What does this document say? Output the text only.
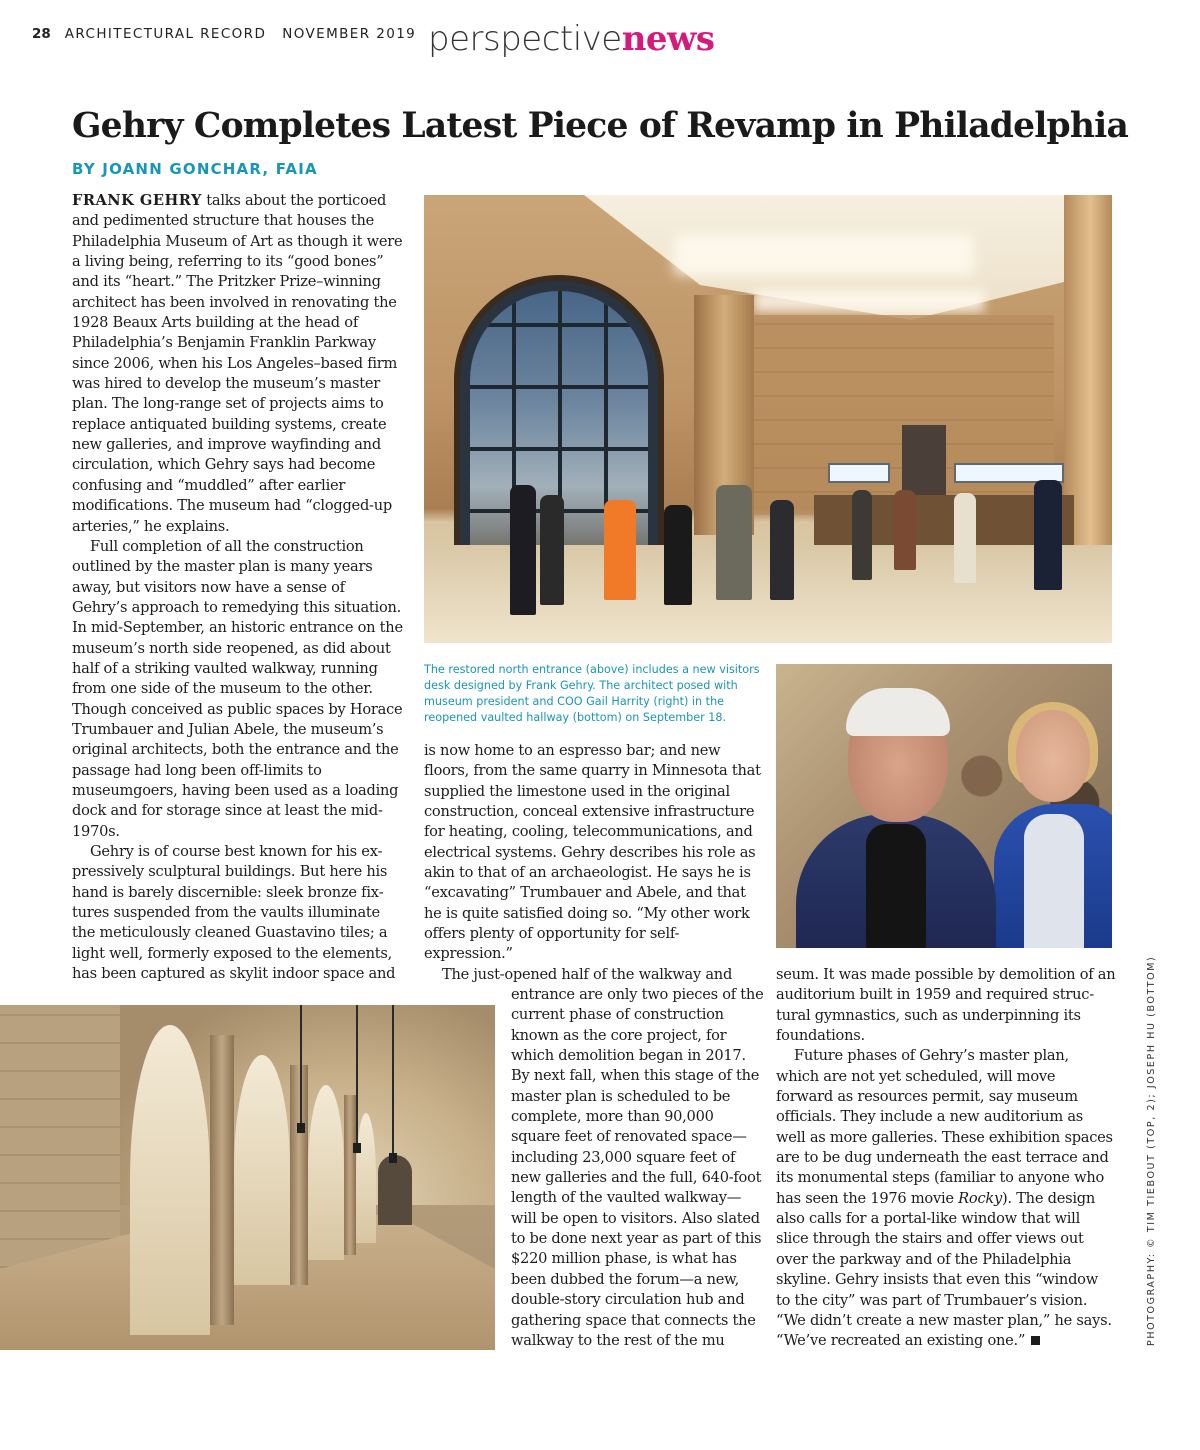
28 ARCHITECTURAL RECORD NOVEMBER 2019 perspectivenews
Gehry Completes Latest Piece of Revamp in Philadelphia
BY JOANN GONCHAR, FAIA

FRANK GEHRY talks about the porticoed and pedimented structure that houses the Philadelphia Museum of Art as though it were a living being, referring to its “good bones” and its “heart.” The Pritzker Prize–winning architect has been involved in renovating the 1928 Beaux Arts building at the head of Philadelphia’s Benjamin Franklin Parkway since 2006, when his Los Angeles–based firm was hired to develop the museum’s master plan. The long-range set of projects aims to replace antiquated building systems, create new galleries, and improve wayfinding and circulation, which Gehry says had become confusing and “muddled” after earlier modifications. The museum had “clogged-up arteries,” he explains.

Full completion of all the construction outlined by the master plan is many years away, but visitors now have a sense of Gehry’s approach to remedying this situation. In mid-September, an historic entrance on the museum’s north side reopened, as did about half of a striking vaulted walkway, running from one side of the museum to the other. Though conceived as public spaces by Horace Trumbauer and Julian Abele, the museum’s original architects, both the entrance and the passage had long been off-limits to museumgoers, having been used as a loading dock and for storage since at least the mid-1970s.

Gehry is of course best known for his expressively sculptural buildings. But here his hand is barely discernible: sleek bronze fixtures suspended from the vaults illuminate the meticulously cleaned Guastavino tiles; a light well, formerly exposed to the elements, has been captured as skylit indoor space and

The restored north entrance (above) includes a new visitors desk designed by Frank Gehry. The architect posed with museum president and COO Gail Harrity (right) in the reopened vaulted hallway (bottom) on September 18.

is now home to an espresso bar; and new floors, from the same quarry in Minnesota that supplied the limestone used in the original construction, conceal extensive infrastructure for heating, cooling, telecommunications, and electrical systems. Gehry describes his role as akin to that of an archaeologist. He says he is “excavating” Trumbauer and Abele, and that he is quite satisfied doing so. “My other work offers plenty of opportunity for self-expression.”

The just-opened half of the walkway and

entrance are only two pieces of the current phase of construction known as the core project, for which demolition began in 2017. By next fall, when this stage of the master plan is scheduled to be complete, more than 90,000 square feet of renovated space—including 23,000 square feet of new galleries and the full, 640-foot length of the vaulted walkway—will be open to visitors. Also slated to be done next year as part of this $220 million phase, is what has been dubbed the forum—a new, double-story circulation hub and gathering space that connects the walkway to the rest of the mu

seum. It was made possible by demolition of an auditorium built in 1959 and required structural gymnastics, such as underpinning its foundations.

Future phases of Gehry’s master plan, which are not yet scheduled, will move forward as resources permit, say museum officials. They include a new auditorium as well as more galleries. These exhibition spaces are to be dug underneath the east terrace and its monumental steps (familiar to anyone who has seen the 1976 movie Rocky). The design also calls for a portal-like window that will slice through the stairs and offer views out over the parkway and of the Philadelphia skyline. Gehry insists that even this “window to the city” was part of Trumbauer’s vision. “We didn’t create a new master plan,” he says. “We’ve recreated an existing one.”	PHOTOGRAPHY: © TIM TIEBOUT (TOP, 2); JOSEPH HU (BOTTOM)
